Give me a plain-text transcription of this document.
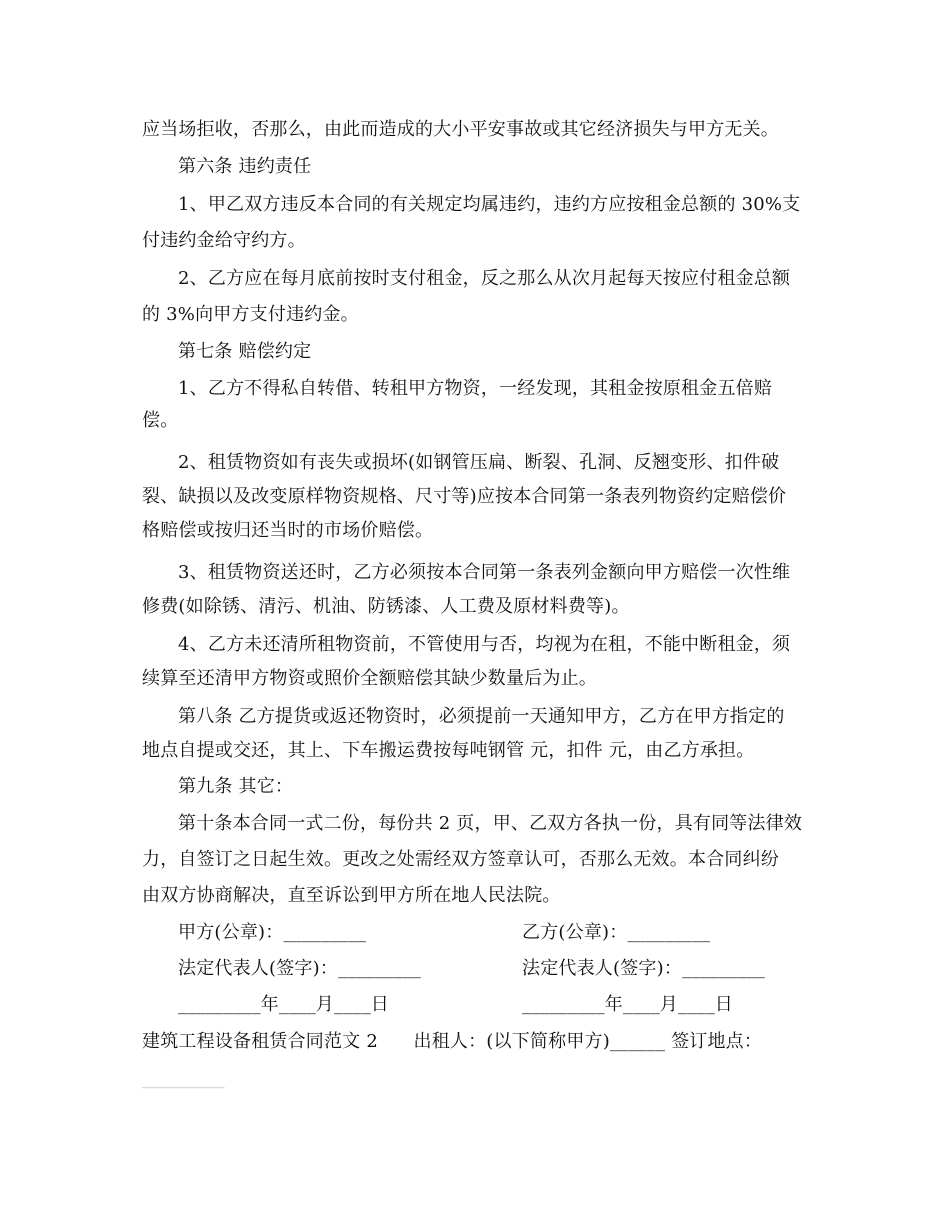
应当场拒收，否那么，由此而造成的大小平安事故或其它经济损失与甲方无关。
第六条 违约责任
1、甲乙双方违反本合同的有关规定均属违约，违约方应按租金总额的 30%支
付违约金给守约方。
2、乙方应在每月底前按时支付租金，反之那么从次月起每天按应付租金总额
的 3%向甲方支付违约金。
第七条 赔偿约定
1、乙方不得私自转借、转租甲方物资，一经发现，其租金按原租金五倍赔
偿。
2、租赁物资如有丧失或损坏(如钢管压扁、断裂、孔洞、反翘变形、扣件破
裂、缺损以及改变原样物资规格、尺寸等)应按本合同第一条表列物资约定赔偿价
格赔偿或按归还当时的市场价赔偿。
3、租赁物资送还时，乙方必须按本合同第一条表列金额向甲方赔偿一次性维
修费(如除锈、清污、机油、防锈漆、人工费及原材料费等)。
4、乙方未还清所租物资前，不管使用与否，均视为在租，不能中断租金，须
续算至还清甲方物资或照价全额赔偿其缺少数量后为止。
第八条 乙方提货或返还物资时，必须提前一天通知甲方，乙方在甲方指定的
地点自提或交还，其上、下车搬运费按每吨钢管 元，扣件 元，由乙方承担。
第九条 其它：
第十条本合同一式二份，每份共 2 页，甲、乙双方各执一份，具有同等法律效
力，自签订之日起生效。更改之处需经双方签章认可，否那么无效。本合同纠纷
由双方协商解决，直至诉讼到甲方所在地人民法院。
甲方(公章)：_________	乙方(公章)：_________
法定代表人(签字)：_________	法定代表人(签字)：_________
_________年____月____日	_________年____月____日
建筑工程设备租赁合同范文 2      出租人：(以下简称甲方)______ 签订地点：
_________
